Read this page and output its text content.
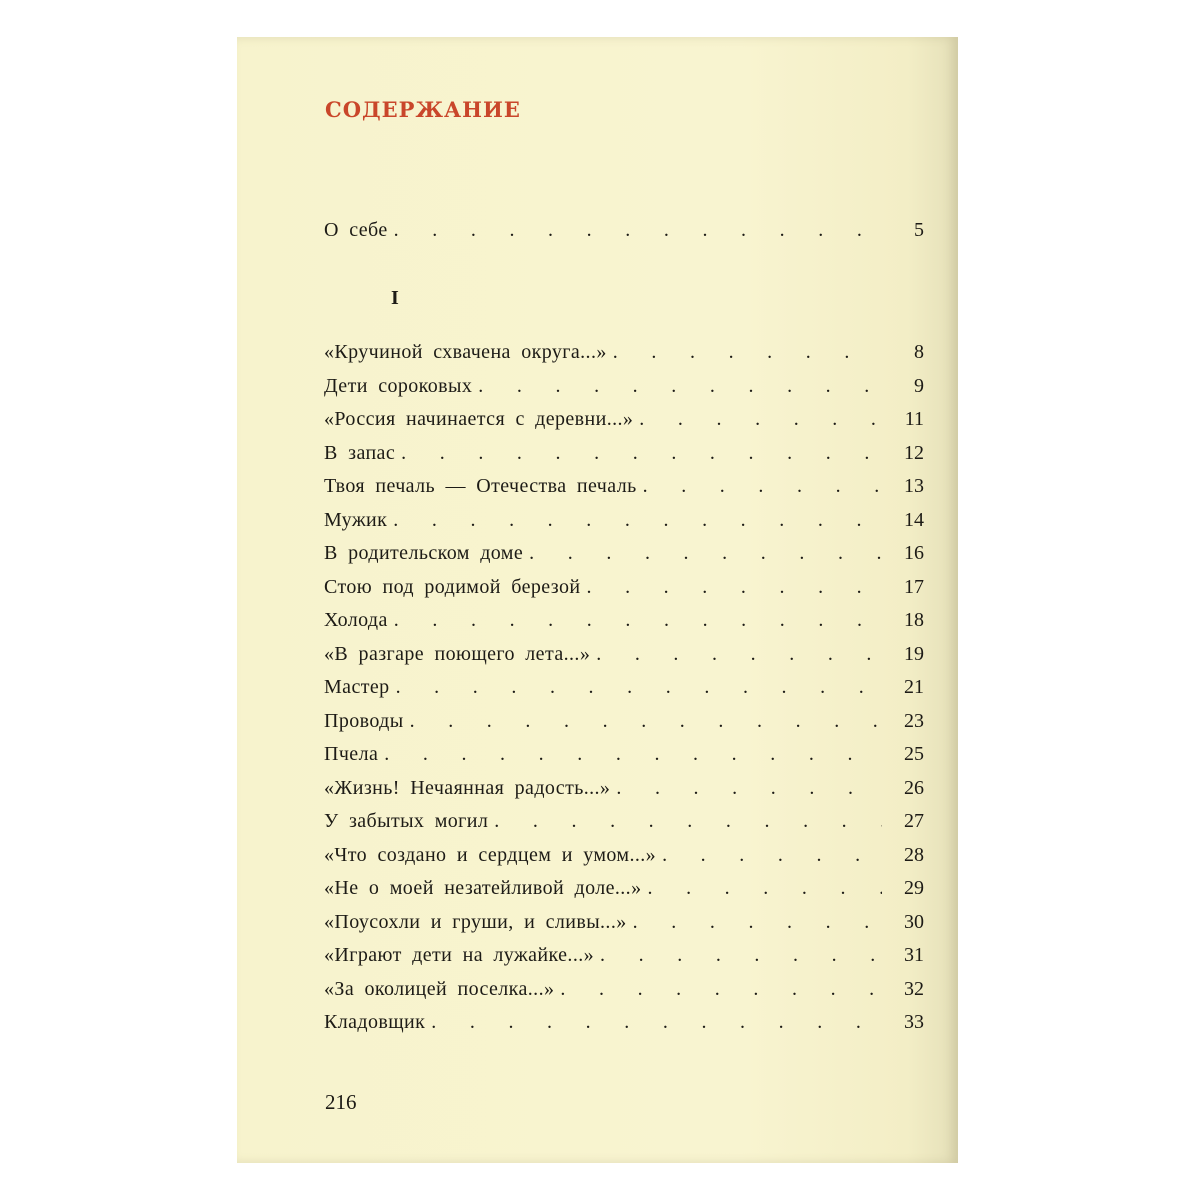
СОДЕРЖАНИЕ
О себе . . .	5
I
«Кручиной схвачена округа...» . . .	8
Дети сороковых . . .	9
«Россия начинается с деревни...» . . .	11
В запас . . .	12
Твоя печаль — Отечества печаль . . .	13
Мужик . . .	14
В родительском доме . . .	16
Стою под родимой березой . . .	17
Холода . . .	18
«В разгаре поющего лета...» . . .	19
Мастер . . .	21
Проводы . . .	23
Пчела . . .	25
«Жизнь! Нечаянная радость...» . . .	26
У забытых могил . . .	27
«Что создано и сердцем и умом...» . . .	28
«Не о моей незатейливой доле...» . . .	29
«Поусохли и груши, и сливы...» . . .	30
«Играют дети на лужайке...» . . .	31
«За околицей поселка...» . . .	32
Кладовщик . . .	33
216
